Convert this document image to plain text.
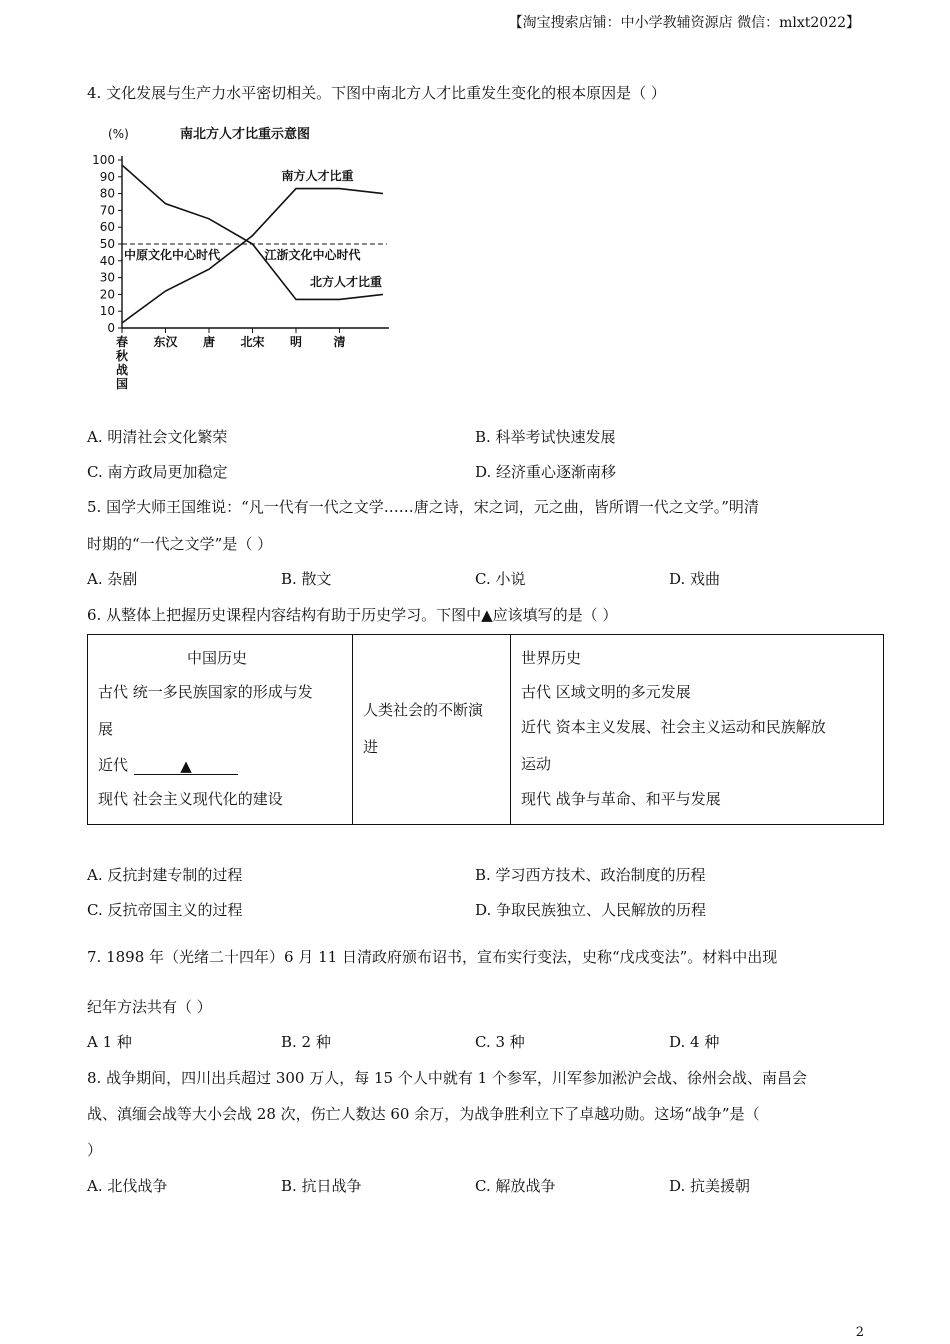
【淘宝搜索店铺：中小学教辅资源店 微信：mlxt2022】
4. 文化发展与生产力水平密切相关。下图中南北方人才比重发生变化的根本原因是（ ）
南北方人才比重示意图
(%)
100
90
80
70
60
50
40
30
20
10
0
春
秋
战
国
东汉 唐 北宋 明	清
南方人才比重
北方人才比重
中原文化中心时代	江浙文化中心时代
A. 明清社会文化繁荣	B. 科举考试快速发展
C. 南方政局更加稳定	D. 经济重心逐渐南移
5. 国学大师王国维说：“凡一代有一代之文学……唐之诗，宋之词，元之曲，皆所谓一代之文学。”明清
时期的“一代之文学”是（ ）
A. 杂剧	B. 散文	C. 小说	D. 戏曲
6. 从整体上把握历史课程内容结构有助于历史学习。下图中▲应该填写的是（ ）
中国历史
古代 统一多民族国家的形成与发
展
近代	▲
现代 社会主义现代化的建设

人类社会的不断演
进

世界历史
古代 区域文明的多元发展
近代 资本主义发展、社会主义运动和民族解放
运动
现代 战争与革命、和平与发展
A. 反抗封建专制的过程	B. 学习西方技术、政治制度的历程
C. 反抗帝国主义的过程	D. 争取民族独立、人民解放的历程
7. 1898 年（光绪二十四年）6 月 11 日清政府颁布诏书，宣布实行变法，史称“戊戌变法”。材料中出现
纪年方法共有（ ）
A 1 种	B. 2 种	C. 3 种	D. 4 种
8. 战争期间，四川出兵超过 300 万人，每 15 个人中就有 1 个参军，川军参加淞沪会战、徐州会战、南昌会
战、滇缅会战等大小会战 28 次，伤亡人数达 60 余万，为战争胜利立下了卓越功勋。这场“战争”是（
）
A. 北伐战争	B. 抗日战争	C. 解放战争	D. 抗美援朝
2
